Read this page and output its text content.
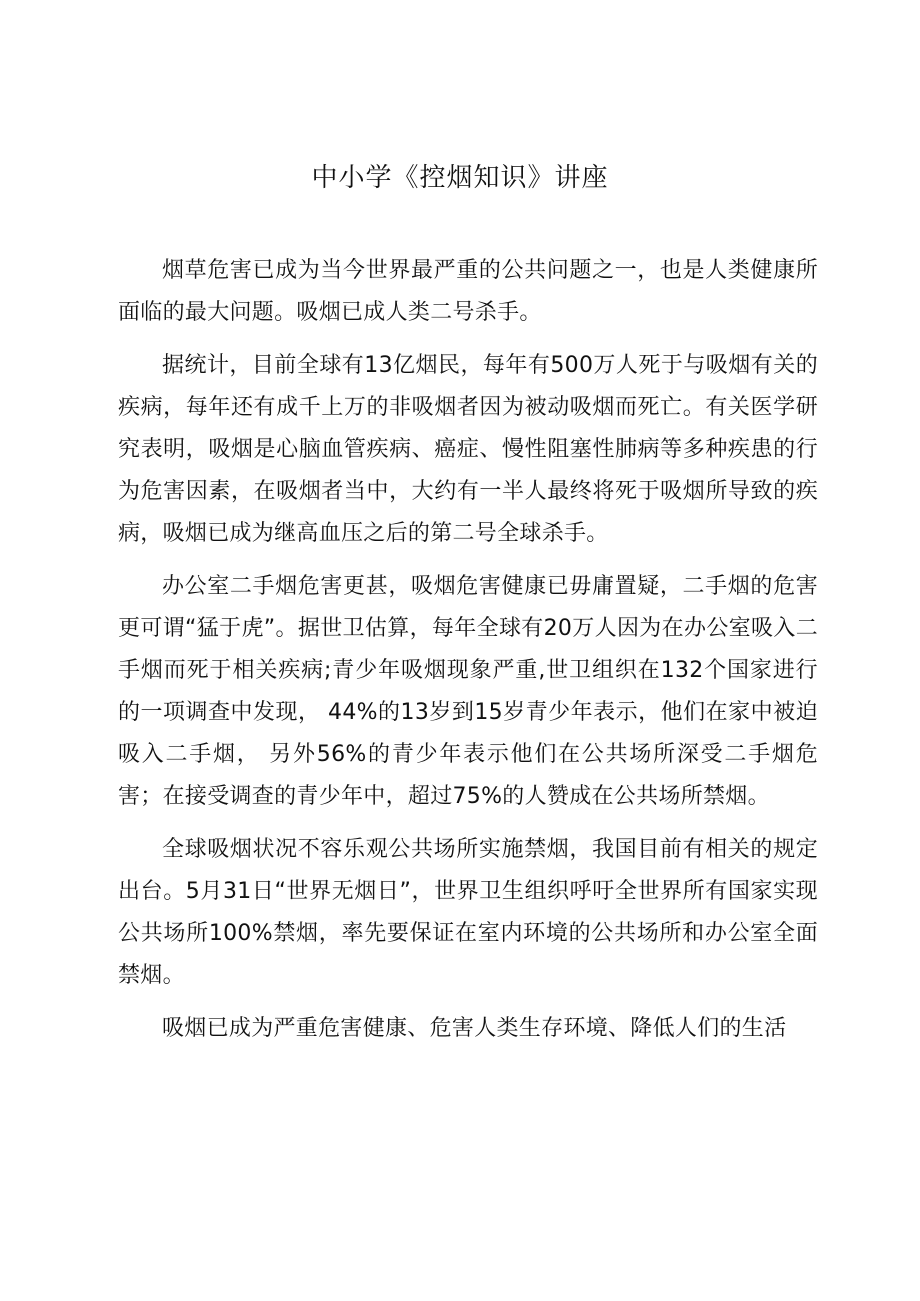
中小学《控烟知识》讲座

烟草危害已成为当今世界最严重的公共问题之一，也是人类健康所面临的最大问题。吸烟已成人类二号杀手。

据统计，目前全球有13亿烟民，每年有500万人死于与吸烟有关的疾病，每年还有成千上万的非吸烟者因为被动吸烟而死亡。有关医学研究表明，吸烟是心脑血管疾病、癌症、慢性阻塞性肺病等多种疾患的行为危害因素，在吸烟者当中，大约有一半人最终将死于吸烟所导致的疾病，吸烟已成为继高血压之后的第二号全球杀手。

办公室二手烟危害更甚，吸烟危害健康已毋庸置疑，二手烟的危害更可谓“猛于虎”。据世卫估算，每年全球有20万人因为在办公室吸入二手烟而死于相关疾病;青少年吸烟现象严重,世卫组织在132个国家进行的一项调查中发现， 44%的13岁到15岁青少年表示，他们在家中被迫吸入二手烟， 另外56%的青少年表示他们在公共场所深受二手烟危害；在接受调查的青少年中，超过75%的人赞成在公共场所禁烟。

全球吸烟状况不容乐观公共场所实施禁烟，我国目前有相关的规定出台。5月31日“世界无烟日”，世界卫生组织呼吁全世界所有国家实现公共场所100%禁烟，率先要保证在室内环境的公共场所和办公室全面禁烟。

吸烟已成为严重危害健康、危害人类生存环境、降低人们的生活
